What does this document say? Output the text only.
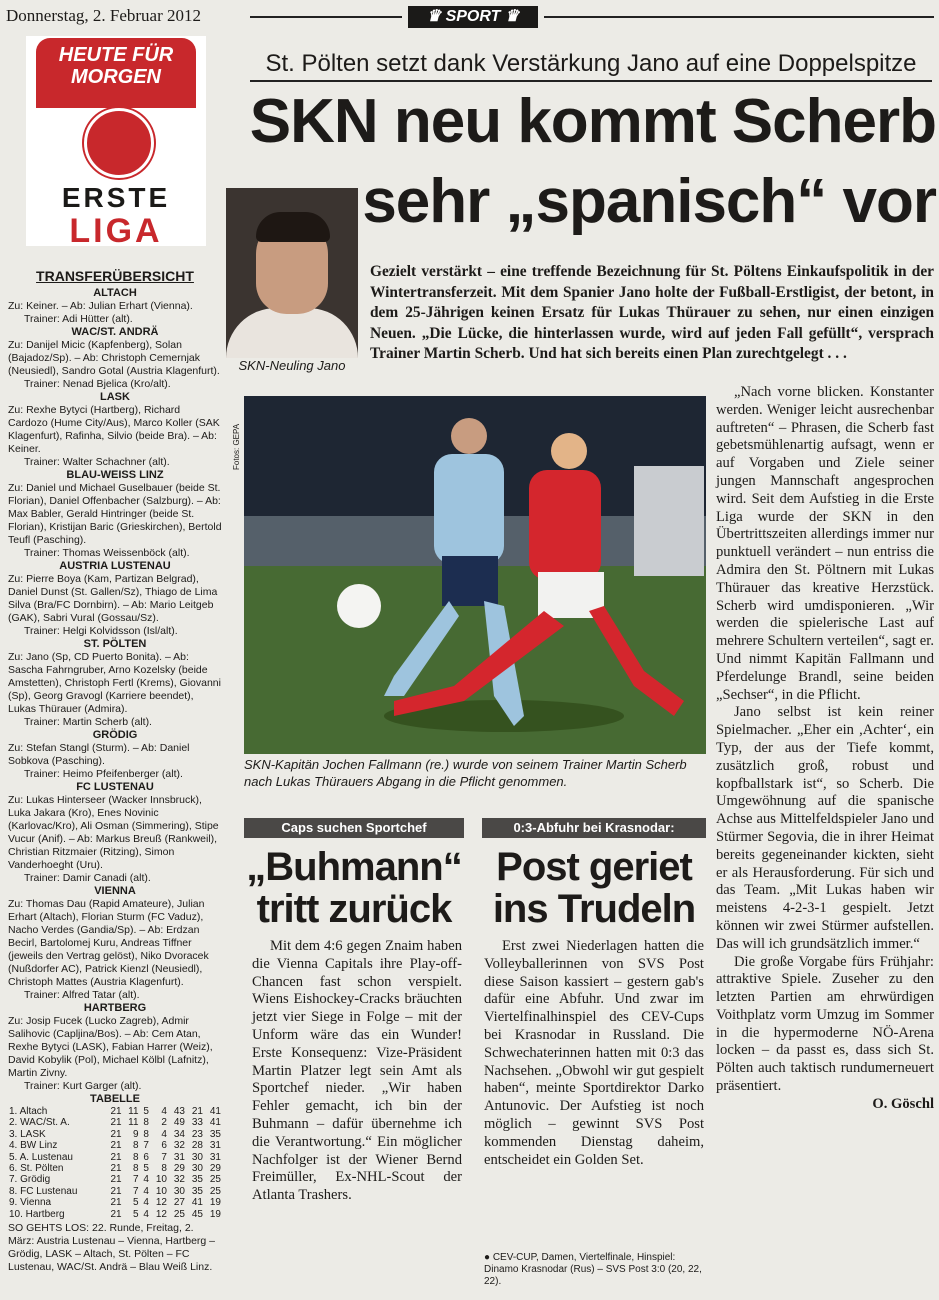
Donnerstag, 2. Februar 2012	♛ SPORT ♛
HEUTE FÜR
MORGEN
ERSTE
LIGA
TRANSFERÜBERSICHT
ALTACH
Zu: Keiner. – Ab: Julian Erhart (Vienna).
Trainer: Adi Hütter (alt).
WAC/ST. ANDRÄ
Zu: Danijel Micic (Kapfenberg), Solan (Bajadoz/Sp). – Ab: Christoph Cemernjak (Neusiedl), Sandro Gotal (Austria Klagenfurt).
Trainer: Nenad Bjelica (Kro/alt).
LASK
Zu: Rexhe Bytyci (Hartberg), Richard Cardozo (Hume City/Aus), Marco Koller (SAK Klagenfurt), Rafinha, Silvio (beide Bra). – Ab: Keiner.
Trainer: Walter Schachner (alt).
BLAU-WEISS LINZ
Zu: Daniel und Michael Guselbauer (beide St. Florian), Daniel Offenbacher (Salzburg). – Ab: Max Babler, Gerald Hintringer (beide St. Florian), Kristijan Baric (Grieskirchen), Bertold Teufl (Pasching).
Trainer: Thomas Weissenböck (alt).
AUSTRIA LUSTENAU
Zu: Pierre Boya (Kam, Partizan Belgrad), Daniel Dunst (St. Gallen/Sz), Thiago de Lima Silva (Bra/FC Dornbirn). – Ab: Mario Leitgeb (GAK), Sabri Vural (Gossau/Sz).
Trainer: Helgi Kolvidsson (Isl/alt).
ST. PÖLTEN
Zu: Jano (Sp, CD Puerto Bonita). – Ab: Sascha Fahrngruber, Arno Kozelsky (beide Amstetten), Christoph Fertl (Krems), Giovanni (Sp), Georg Gravogl (Karriere beendet), Lukas Thürauer (Admira).
Trainer: Martin Scherb (alt).
GRÖDIG
Zu: Stefan Stangl (Sturm). – Ab: Daniel Sobkova (Pasching).
Trainer: Heimo Pfeifenberger (alt).
FC LUSTENAU
Zu: Lukas Hinterseer (Wacker Innsbruck), Luka Jakara (Kro), Enes Novinic (Karlovac/Kro), Ali Osman (Simmering), Stipe Vucur (Anif). – Ab: Markus Breuß (Rankweil), Christian Ritzmaier (Ritzing), Simon Vanderhoeght (Uru).
Trainer: Damir Canadi (alt).
VIENNA
Zu: Thomas Dau (Rapid Amateure), Julian Erhart (Altach), Florian Sturm (FC Vaduz), Nacho Verdes (Gandia/Sp). – Ab: Erdzan Becirl, Bartolomej Kuru, Andreas Tiffner (jeweils den Vertrag gelöst), Niko Dvoracek (Nußdorfer AC), Patrick Kienzl (Neusiedl), Christoph Mattes (Austria Klagenfurt).
Trainer: Alfred Tatar (alt).
HARTBERG
Zu: Josip Fucek (Lucko Zagreb), Admir Salihovic (Capljina/Bos). – Ab: Cem Atan, Rexhe Bytyci (LASK), Fabian Harrer (Weiz), David Kobylik (Pol), Michael Kölbl (Lafnitz), Martin Zivny.
Trainer: Kurt Garger (alt).
TABELLE
1. Altach	21	11	5	4	43	21	41
2. WAC/St. A.	21	11	8	2	49	33	41
3. LASK	21	9	8	4	34	23	35
4. BW Linz	21	8	7	6	32	28	31
5. A. Lustenau	21	8	6	7	31	30	31
6. St. Pölten	21	8	5	8	29	30	29
7. Grödig	21	7	4	10	32	35	25
8. FC Lustenau	21	7	4	10	30	35	25
9. Vienna	21	5	4	12	27	41	19
10. Hartberg	21	5	4	12	25	45	19
SO GEHTS LOS: 22. Runde, Freitag, 2. März: Austria Lustenau – Vienna, Hartberg – Grödig, LASK – Altach, St. Pölten – FC Lustenau, WAC/St. Andrä – Blau Weiß Linz.
St. Pölten setzt dank Verstärkung Jano auf eine Doppelspitze
SKN neu kommt Scherb
sehr „spanisch“ vor
SKN-Neuling Jano
Gezielt verstärkt – eine treffende Bezeichnung für St. Pöltens Einkaufspolitik in der Wintertransferzeit. Mit dem Spanier Jano holte der Fußball-Erstligist, der betont, in dem 25-Jährigen keinen Ersatz für Lukas Thürauer zu sehen, nur einen einzigen Neuen. „Die Lücke, die hinterlassen wurde, wird auf jeden Fall gefüllt“, versprach Trainer Martin Scherb. Und hat sich bereits einen Plan zurechtgelegt . . .
Fotos: GEPA
SKN-Kapitän Jochen Fallmann (re.) wurde von seinem Trainer Martin Scherb nach Lukas Thürauers Abgang in die Pflicht genommen.

„Nach vorne blicken. Konstanter werden. Weniger leicht ausrechenbar auftreten“ – Phrasen, die Scherb fast gebetsmühlenartig aufsagt, wenn er auf Vorgaben und Ziele seiner jungen Mannschaft angesprochen wird. Seit dem Aufstieg in die Erste Liga wurde der SKN in den Übertrittszeiten allerdings immer nur punktuell verändert – nun entriss die Admira den St. Pöltnern mit Lukas Thürauer das kreative Herzstück. Scherb wird umdisponieren. „Wir werden die spielerische Last auf mehrere Schultern verteilen“, sagt er. Und nimmt Kapitän Fallmann und Pferdelunge Brandl, seine beiden „Sechser“, in die Pflicht.

Jano selbst ist kein reiner Spielmacher. „Eher ein ,Achter‘, ein Typ, der aus der Tiefe kommt, zusätzlich groß, robust und kopfballstark ist“, so Scherb. Die Umgewöhnung auf die spanische Achse aus Mittelfeldspieler Jano und Stürmer Segovia, die in ihrer Heimat bereits gegeneinander kickten, sieht er als Herausforderung. Für sich und das Team. „Mit Lukas haben wir meistens 4-2-3-1 gespielt. Jetzt können wir zwei Stürmer aufstellen. Das will ich grundsätzlich immer.“

Die große Vorgabe fürs Frühjahr: attraktive Spiele. Zuseher zu den letzten Partien am ehrwürdigen Voithplatz vorm Umzug im Sommer in die hypermoderne NÖ-Arena locken – da passt es, dass sich St. Pölten auch taktisch rundumerneuert präsentiert.

O. Göschl
Caps suchen Sportchef
„Buhmann“
tritt zurück

Mit dem 4:6 gegen Znaim haben die Vienna Capitals ihre Play-off-Chancen fast schon verspielt. Wiens Eishockey-Cracks bräuchten jetzt vier Siege in Folge – mit der Unform wäre das ein Wunder! Erste Konsequenz: Vize-Präsident Martin Platzer legt sein Amt als Sportchef nieder. „Wir haben Fehler gemacht, ich bin der Buhmann – dafür übernehme ich die Verantwortung.“ Ein möglicher Nachfolger ist der Wiener Bernd Freimüller, Ex-NHL-Scout der Atlanta Trashers.

0:3-Abfuhr bei Krasnodar:
Post geriet
ins Trudeln

Erst zwei Niederlagen hatten die Volleyballerinnen von SVS Post diese Saison kassiert – gestern gab's dafür eine Abfuhr. Und zwar im Viertelfinalhinspiel des CEV-Cups bei Krasnodar in Russland. Die Schwechaterinnen hatten mit 0:3 das Nachsehen. „Obwohl wir gut gespielt haben“, meinte Sportdirektor Darko Antunovic. Der Aufstieg ist noch möglich – gewinnt SVS Post kommenden Dienstag daheim, entscheidet ein Golden Set.

● CEV-CUP, Damen, Viertelfinale, Hinspiel: Dinamo Krasnodar (Rus) – SVS Post 3:0 (20, 22, 22).
